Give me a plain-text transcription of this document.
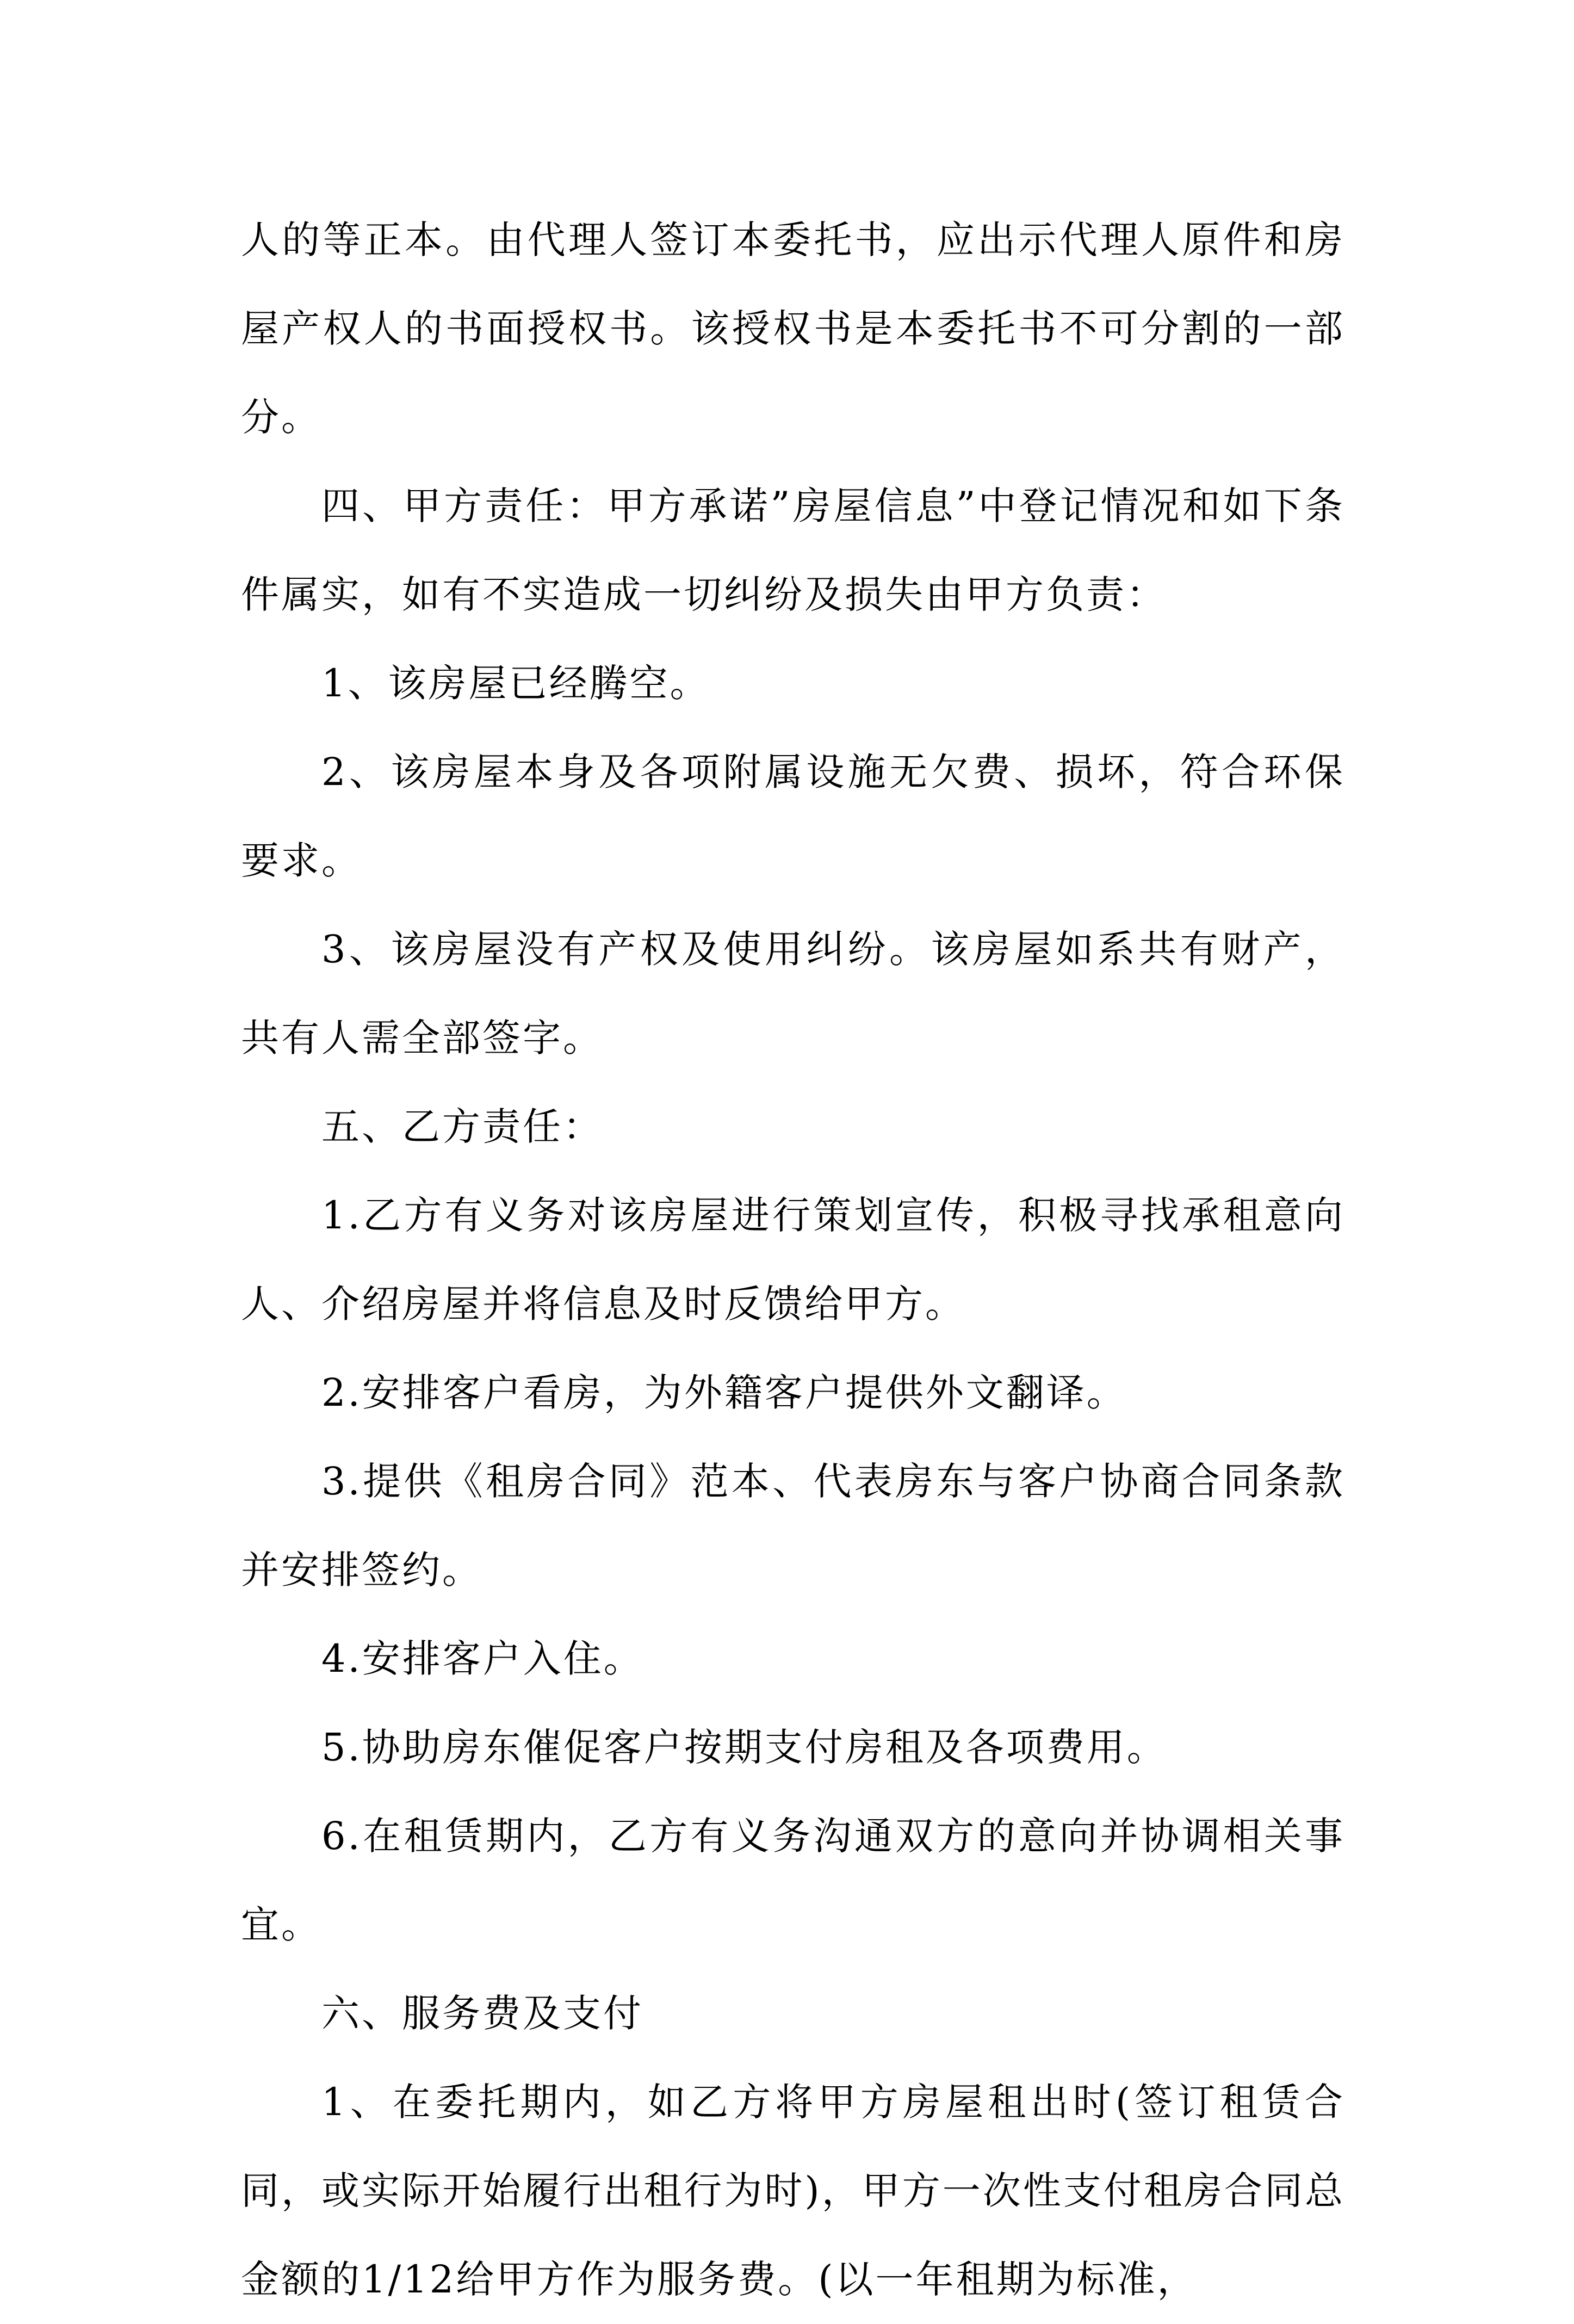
人的等正本。由代理人签订本委托书，应出示代理人原件和房屋产权人的书面授权书。该授权书是本委托书不可分割的一部分。

四、甲方责任：甲方承诺”房屋信息”中登记情况和如下条件属实，如有不实造成一切纠纷及损失由甲方负责：

1、该房屋已经腾空。

2、该房屋本身及各项附属设施无欠费、损坏，符合环保要求。

3、该房屋没有产权及使用纠纷。该房屋如系共有财产，共有人需全部签字。

五、乙方责任：

1.乙方有义务对该房屋进行策划宣传，积极寻找承租意向人、介绍房屋并将信息及时反馈给甲方。

2.安排客户看房，为外籍客户提供外文翻译。

3.提供《租房合同》范本、代表房东与客户协商合同条款并安排签约。

4.安排客户入住。

5.协助房东催促客户按期支付房租及各项费用。

6.在租赁期内，乙方有义务沟通双方的意向并协调相关事宜。

六、服务费及支付

1、在委托期内，如乙方将甲方房屋租出时(签订租赁合同，或实际开始履行出租行为时)，甲方一次性支付租房合同总金额的1/12给甲方作为服务费。(以一年租期为标准，
